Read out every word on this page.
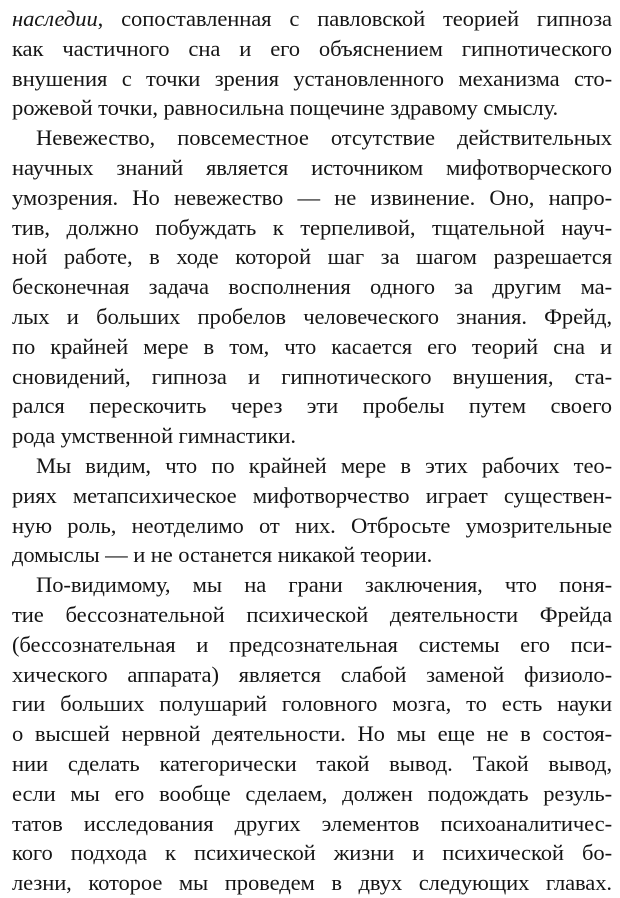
наследии, сопоставленная с павловской теорией гипноза
как частичного сна и его объяснением гипнотического
внушения с точки зрения установленного механизма сто-
рожевой точки, равносильна пощечине здравому смыслу.
Невежество, повсеместное отсутствие действительных
научных знаний является источником мифотворческого
умозрения. Но невежество — не извинение. Оно, напро-
тив, должно побуждать к терпеливой, тщательной науч-
ной работе, в ходе которой шаг за шагом разрешается
бесконечная задача восполнения одного за другим ма-
лых и больших пробелов человеческого знания. Фрейд,
по крайней мере в том, что касается его теорий сна и
сновидений, гипноза и гипнотического внушения, ста-
рался перескочить через эти пробелы путем своего
рода умственной гимнастики.
Мы видим, что по крайней мере в этих рабочих тео-
риях метапсихическое мифотворчество играет существен-
ную роль, неотделимо от них. Отбросьте умозрительные
домыслы — и не останется никакой теории.
По-видимому, мы на грани заключения, что поня-
тие бессознательной психической деятельности Фрейда
(бессознательная и предсознательная системы его пси-
хического аппарата) является слабой заменой физиоло-
гии больших полушарий головного мозга, то есть науки
о высшей нервной деятельности. Но мы еще не в состоя-
нии сделать категорически такой вывод. Такой вывод,
если мы его вообще сделаем, должен подождать резуль-
татов исследования других элементов психоаналитичес-
кого подхода к психической жизни и психической бо-
лезни, которое мы проведем в двух следующих главах.
